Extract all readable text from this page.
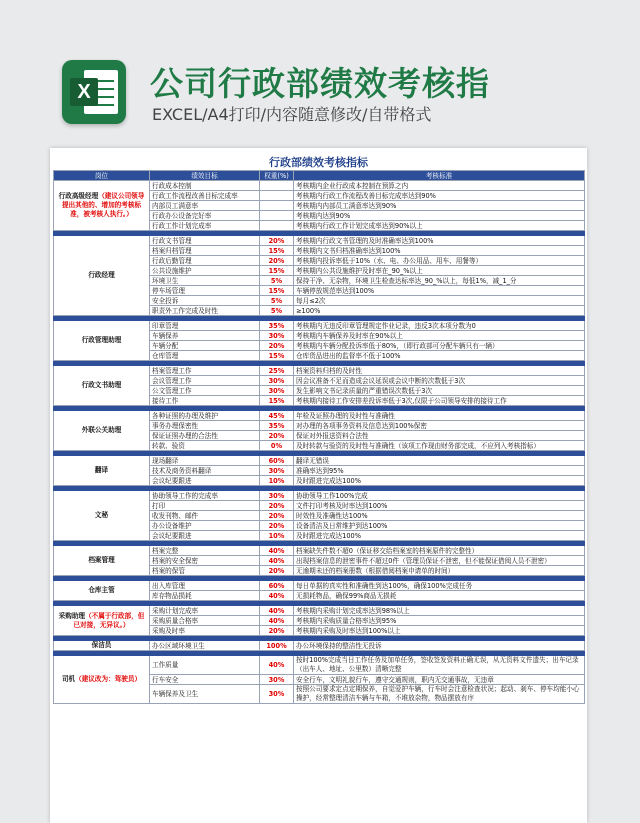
X 公司行政部绩效考核指
EXCEL/A4打印/内容随意修改/自带格式
行政部绩效考核指标
岗位	绩效目标	权重(%)	考核标准
行政高级经理（建议公司领导提出其他的、增加的考核标准，被考核人执行。）	行政成本控制		考核期内企业行政成本控制在预算之内
	行政工作流程改善目标完成率		考核期内行政工作流程改善目标完成率达到90%
	内部员工满意率		考核期内内部员工满意率达到90%
	行政办公设备完好率		考核期内达到90%
	行政工作计划完成率		考核期内行政工作计划完成率达到90%以上

行政经理	行政文书管理	20%	考核期内行政文书管理的及时准确率达到100%
	档案归档管理	15%	考核期内文书归档准确率达到100%
	行政后勤管理	20%	考核期内投诉率低于10%（水、电、办公用品、用车、用餐等）
	公共设施维护	15%	考核期内公共设施维护及时率在_90_%以上
	环境卫生	5%	保持干净、无杂物，环境卫生检查达标率达_90_%以上，每低1%，减_1_分
	停车场管理	15%	车辆停放规范率达到100%
	安全投诉	5%	每月≤2次
	职责外工作完成及时性	5%	≥100%

行政管理助理	印章管理	35%	考核期内无违反印章管理规定作业记录，违反3次本项分数为0
	车辆保养	30%	考核期内车辆保养及时率在90%以上
	车辆分配	20%	考核期内车辆分配投诉率低于80%，（即行政部可分配车辆只有一辆）
	仓库管理	15%	仓库货品进出的监督率不低于100%

行政文书助理	档案管理工作	25%	档案资料归档的及时性
	会议管理工作	30%	因会议准备不足而造成会议延误或会议中断的次数低于3次
	公文管理工作	30%	发生影响文书记录质量的严重错误次数低于3次
	接待工作	15%	考核期内接待工作安排差投诉率低于3次,仅限于公司领导安排的接待工作

外联公关助理	各种证照的办理及维护	45%	年检及证照办理的及时性与准确性
	事务办理保密性	35%	对办理的各项事务资料及信息达到100%保密
	保证证照办理的合法性	20%	保证对外报送资料合法性
	转款、验资	0%	及时转款与验资的及时性与准确性（该项工作现由财务部完成，不应列入考核指标）

翻译	现场翻译	60%	翻译无错误
	技术及商务资料翻译	30%	准确率达到95%
	会议纪要跟进	10%	及时跟进完成达100%

文秘	协助领导工作的完成率	30%	协助领导工作100%完成
	打印	20%	文件打印考核及时率达到100%
	收发刊物、邮件	20%	时效性及准确性达100%
	办公设备维护	20%	设备清洁及日常维护到达100%
	会议纪要跟进	10%	及时跟进完成达100%

档案管理	档案完整	40%	档案缺失件数不超0（保证移交给档案室的档案原件的完整性）
	档案的安全保密	40%	出现档案信息的泄密事件不超过0件（管理员保证不泄密，但不能保证借阅人员不泄密）
	档案的保管	20%	无逾期未还的档案册数（根据借阅档案申请单的时间）

仓库主管	出入库管理	60%	每日单据的真实性和准确性到达100%，确保100%完成任务
	库存物品损耗	40%	无损耗物品，确保99%商品无损耗

采购助理（不属于行政部，但已对接，无异议。）	采购计划完成率	40%	考核期内采购计划完成率达到98%以上
	采购质量合格率	40%	考核期内采购质量合格率达到95%
	采购及时率	20%	考核期内采购及时率达到100%以上

保洁员	办公区域环境卫生	100%	办公环境保持的整洁性无投诉

司机（建议改为：驾驶员）	工作质量	40%	按时100%完成当日工作任务及加单任务，签收签发资料正确无误，从无资料文件遗失；出车记录（出车人、地址、公里数）清晰完整
	行车安全	30%	安全行车，文明礼貌行车，遵守交通规则，职内无交通事故，无违章
	车辆保养及卫生	30%	按照公司要求定点定期保养，自觉爱护车辆，行车时会注意检查状况；起动、刹车、停车均能小心操护，经常整理清洁车辆与车箱，不堆放杂物，物品摆放有序
